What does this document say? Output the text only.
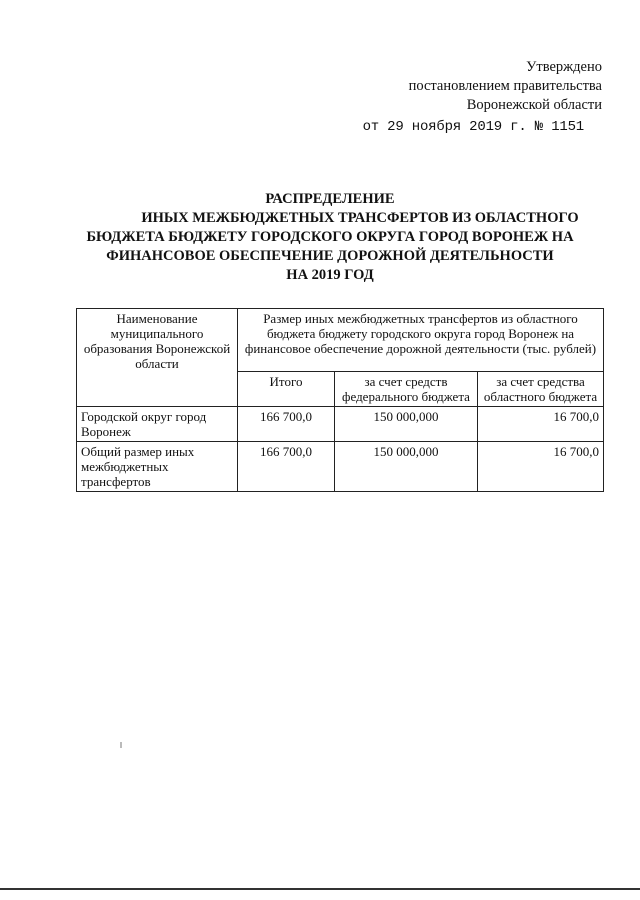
Утверждено
постановлением правительства
Воронежской области
от 29 ноября 2019 г. № 1151
РАСПРЕДЕЛЕНИЕ
ИНЫХ МЕЖБЮДЖЕТНЫХ ТРАНСФЕРТОВ ИЗ ОБЛАСТНОГО
БЮДЖЕТА БЮДЖЕТУ ГОРОДСКОГО ОКРУГА ГОРОД ВОРОНЕЖ НА
ФИНАНСОВОЕ ОБЕСПЕЧЕНИЕ ДОРОЖНОЙ ДЕЯТЕЛЬНОСТИ
НА 2019 ГОД
Наименование муниципального образования Воронежской области	Размер иных межбюджетных трансфертов из областного бюджета бюджету городского округа город Воронеж на финансовое обеспечение дорожной деятельности (тыс. рублей)		
	Итого	за счет средств федерального бюджета	за счет средства областного бюджета
Городской округ город Воронеж	166 700,0	150 000,000	16 700,0
Общий размер иных межбюджетных трансфертов	166 700,0	150 000,000	16 700,0
